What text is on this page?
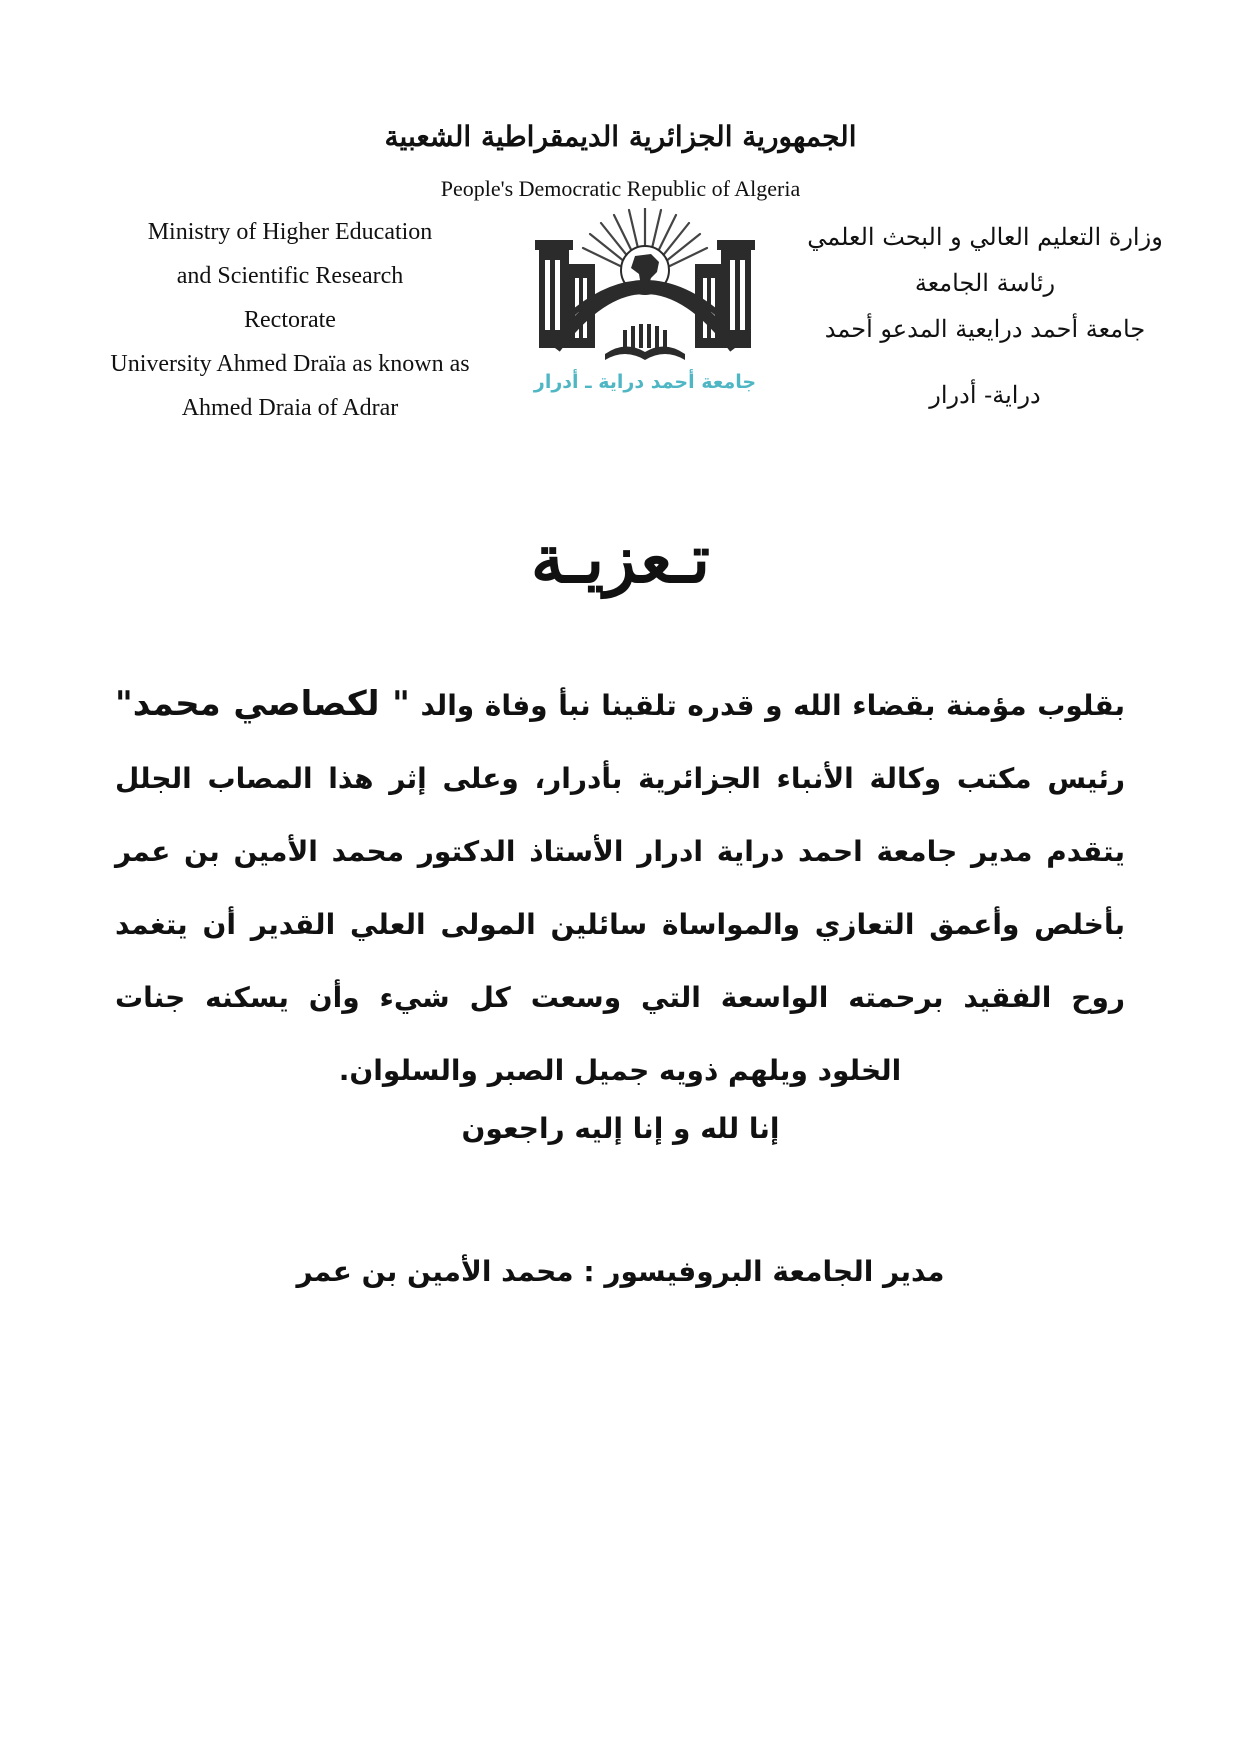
الجمهورية الجزائرية الديمقراطية الشعبية
People's Democratic Republic of Algeria
Ministry of Higher Education
and Scientific Research
Rectorate
University Ahmed Draïa as known as
Ahmed Draia of Adrar
جامعة أحمد دراية ـ أدرار
وزارة التعليم العالي و البحث العلمي
رئاسة الجامعة
جامعة أحمد درايعية المدعو أحمد
دراية- أدرار
تـعزيـة
بقلوب مؤمنة بقضاء الله و قدره تلقينا نبأ وفاة والد " لكصاصي محمد"
رئيس مكتب وكالة الأنباء الجزائرية بأدرار، وعلى إثر هذا المصاب الجلل
يتقدم مدير جامعة احمد دراية ادرار الأستاذ الدكتور محمد الأمين بن عمر
بأخلص وأعمق التعازي والمواساة سائلين المولى العلي القدير أن يتغمد
روح الفقيد برحمته الواسعة التي وسعت كل شيء وأن يسكنه جنات
الخلود ويلهم ذويه جميل الصبر والسلوان.
إنا لله و إنا إليه راجعون
مدير الجامعة البروفيسور : محمد الأمين بن عمر
